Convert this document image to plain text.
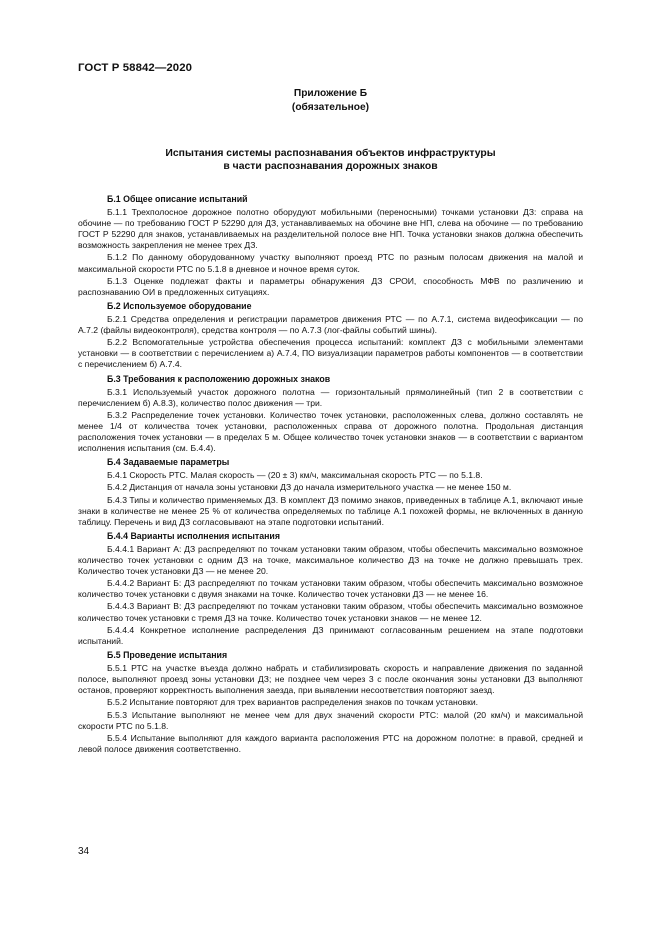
ГОСТ Р 58842—2020
Приложение Б
(обязательное)
Испытания системы распознавания объектов инфраструктуры
в части распознавания дорожных знаков
Б.1 Общее описание испытаний

Б.1.1 Трехполосное дорожное полотно оборудуют мобильными (переносными) точками установки ДЗ: справа на обочине — по требованию ГОСТ Р 52290 для ДЗ, устанавливаемых на обочине вне НП, слева на обочине — по требованию ГОСТ Р 52290 для знаков, устанавливаемых на разделительной полосе вне НП. Точка установки знаков должна обеспечить возможность закрепления не менее трех ДЗ.

Б.1.2 По данному оборудованному участку выполняют проезд РТС по разным полосам движения на малой и максимальной скорости РТС по 5.1.8 в дневное и ночное время суток.

Б.1.3 Оценке подлежат факты и параметры обнаружения ДЗ СРОИ, способность МФВ по различению и распознаванию ОИ в предложенных ситуациях.

Б.2 Используемое оборудование

Б.2.1 Средства определения и регистрации параметров движения РТС — по А.7.1, система видеофиксации — по А.7.2 (файлы видеоконтроля), средства контроля — по А.7.3 (лог-файлы событий шины).

Б.2.2 Вспомогательные устройства обеспечения процесса испытаний: комплект ДЗ с мобильными элементами установки — в соответствии с перечислением а) А.7.4, ПО визуализации параметров работы компонентов — в соответствии с перечислением б) А.7.4.

Б.3 Требования к расположению дорожных знаков

Б.3.1 Используемый участок дорожного полотна — горизонтальный прямолинейный (тип 2 в соответствии с перечислением б) А.8.3), количество полос движения — три.

Б.3.2 Распределение точек установки. Количество точек установки, расположенных слева, должно составлять не менее 1/4 от количества точек установки, расположенных справа от дорожного полотна. Продольная дистанция расположения точек установки — в пределах 5 м. Общее количество точек установки знаков — в соответствии с вариантом исполнения испытания (см. Б.4.4).

Б.4 Задаваемые параметры

Б.4.1 Скорость РТС. Малая скорость — (20 ± 3) км/ч, максимальная скорость РТС — по 5.1.8.

Б.4.2 Дистанция от начала зоны установки ДЗ до начала измерительного участка — не менее 150 м.

Б.4.3 Типы и количество применяемых ДЗ. В комплект ДЗ помимо знаков, приведенных в таблице А.1, включают иные знаки в количестве не менее 25 % от количества определяемых по таблице А.1 похожей формы, не включенных в данную таблицу. Перечень и вид ДЗ согласовывают на этапе подготовки испытаний.

Б.4.4 Варианты исполнения испытания

Б.4.4.1 Вариант А: ДЗ распределяют по точкам установки таким образом, чтобы обеспечить максимально возможное количество точек установки с одним ДЗ на точке, максимальное количество ДЗ на точке не должно превышать трех. Количество точек установки ДЗ — не менее 20.

Б.4.4.2 Вариант Б: ДЗ распределяют по точкам установки таким образом, чтобы обеспечить максимально возможное количество точек установки с двумя знаками на точке. Количество точек установки ДЗ — не менее 16.

Б.4.4.3 Вариант В: ДЗ распределяют по точкам установки таким образом, чтобы обеспечить максимально возможное количество точек установки с тремя ДЗ на точке. Количество точек установки знаков — не менее 12.

Б.4.4.4 Конкретное исполнение распределения ДЗ принимают согласованным решением на этапе подготовки испытаний.

Б.5 Проведение испытания

Б.5.1 РТС на участке въезда должно набрать и стабилизировать скорость и направление движения по заданной полосе, выполняют проезд зоны установки ДЗ; не позднее чем через 3 с после окончания зоны установки ДЗ выполняют останов, проверяют корректность выполнения заезда, при выявлении несоответствия повторяют заезд.

Б.5.2 Испытание повторяют для трех вариантов распределения знаков по точкам установки.

Б.5.3 Испытание выполняют не менее чем для двух значений скорости РТС: малой (20 км/ч) и максимальной скорости РТС по 5.1.8.

Б.5.4 Испытание выполняют для каждого варианта расположения РТС на дорожном полотне: в правой, средней и левой полосе движения соответственно.

34
